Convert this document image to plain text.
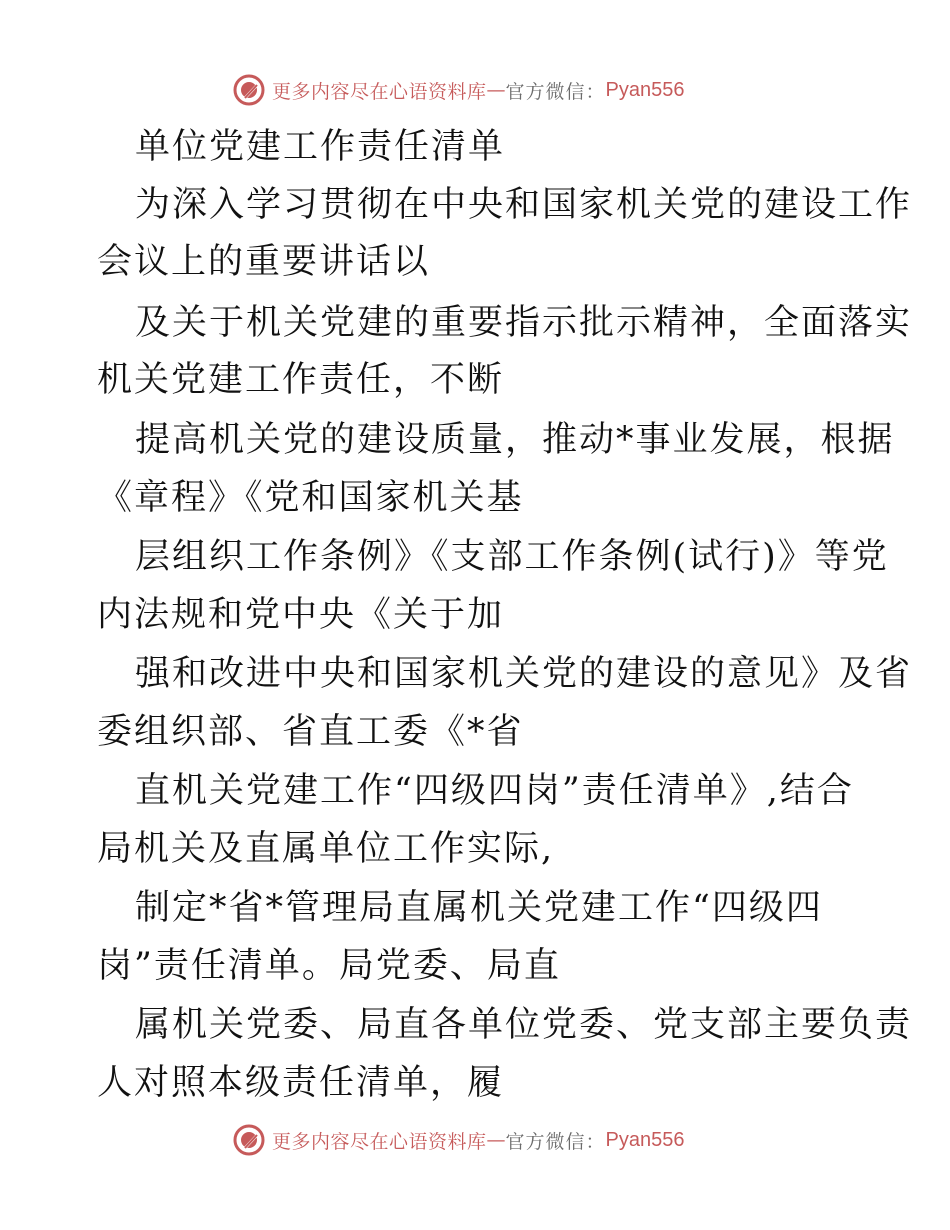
更多内容尽在心语资料库 — 官方微信： Pyan556
单位党建工作责任清单
为深入学习贯彻在中央和国家机关党的建设工作
会议上的重要讲话以
及关于机关党建的重要指示批示精神，全面落实
机关党建工作责任，不断
提高机关党的建设质量，推动*事业发展，根据
《章程》《党和国家机关基
层组织工作条例》《支部工作条例(试行)》等党
内法规和党中央《关于加
强和改进中央和国家机关党的建设的意见》及省
委组织部、省直工委《*省
直机关党建工作“四级四岗”责任清单》,结合
局机关及直属单位工作实际,
制定*省*管理局直属机关党建工作“四级四
岗”责任清单。局党委、局直
属机关党委、局直各单位党委、党支部主要负责
人对照本级责任清单，履
更多内容尽在心语资料库 — 官方微信： Pyan556
